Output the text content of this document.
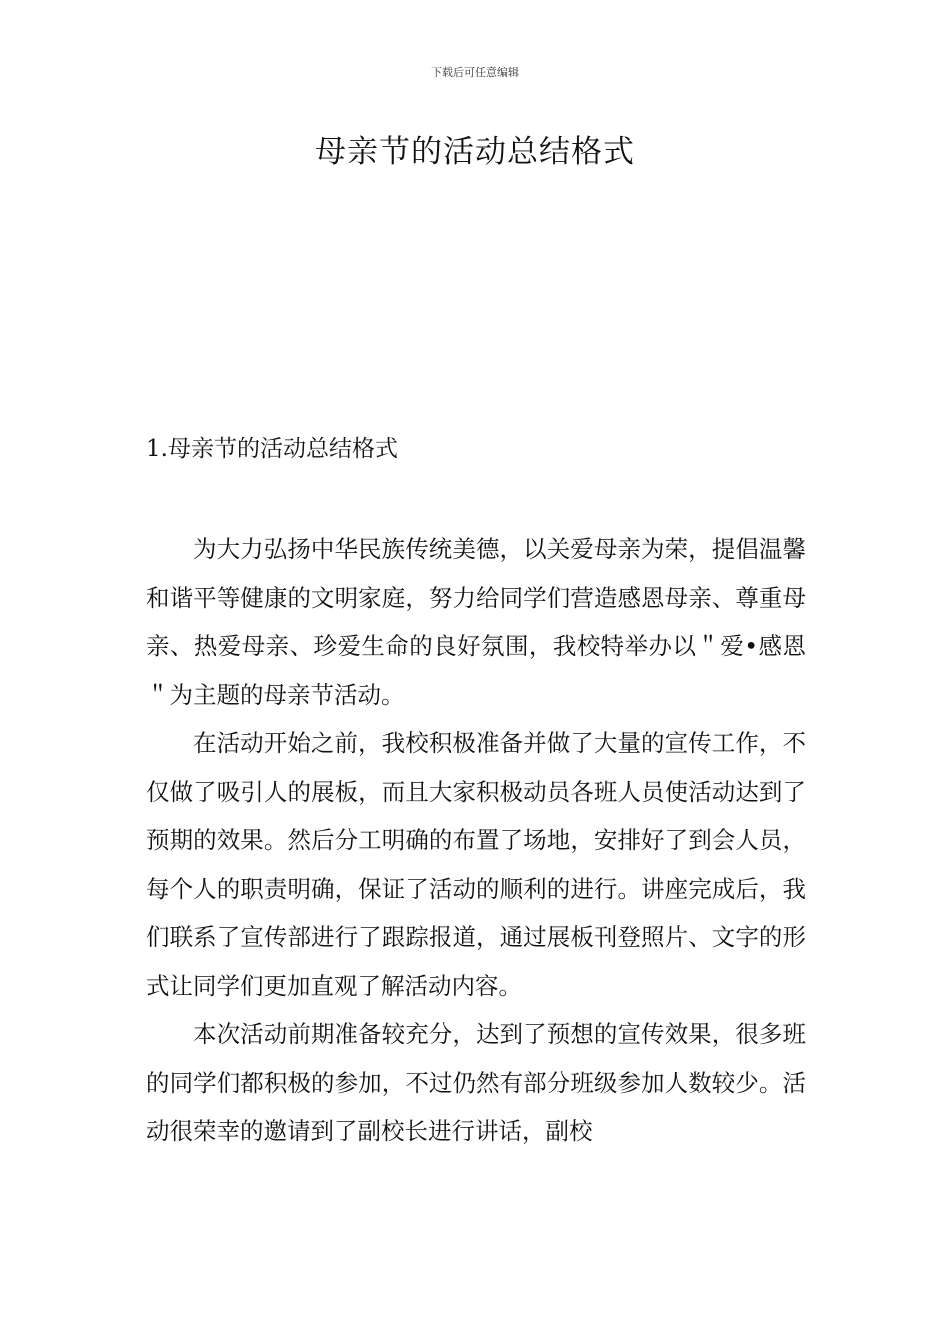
下载后可任意编辑
母亲节的活动总结格式
1.母亲节的活动总结格式

为大力弘扬中华民族传统美德，以关爱母亲为荣，提倡温馨和谐平等健康的文明家庭，努力给同学们营造感恩母亲、尊重母亲、热爱母亲、珍爱生命的良好氛围，我校特举办以＂爱•感恩＂为主题的母亲节活动。

在活动开始之前，我校积极准备并做了大量的宣传工作，不仅做了吸引人的展板，而且大家积极动员各班人员使活动达到了预期的效果。然后分工明确的布置了场地，安排好了到会人员，每个人的职责明确，保证了活动的顺利的进行。讲座完成后，我们联系了宣传部进行了跟踪报道，通过展板刊登照片、文字的形式让同学们更加直观了解活动内容。

本次活动前期准备较充分，达到了预想的宣传效果，很多班的同学们都积极的参加，不过仍然有部分班级参加人数较少。活动很荣幸的邀请到了副校长进行讲话，副校
